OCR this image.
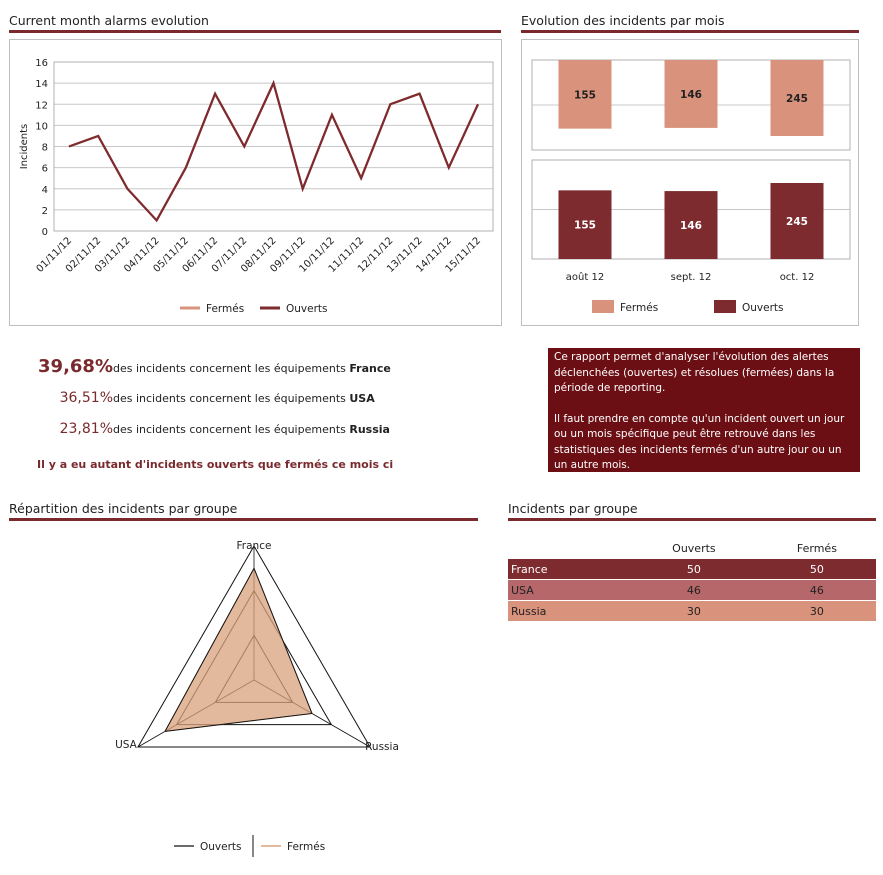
Current month alarms evolution
0
2
4
6
8
10
12
14
16
Incidents
01/11/12
02/11/12
03/11/12
04/11/12
05/11/12
06/11/12
07/11/12
08/11/12
09/11/12
10/11/12
11/11/12
12/11/12
13/11/12
14/11/12
15/11/12
Fermés	Ouverts
Evolution des incidents par mois
155	146	245
155	146	245
août 12	sept. 12	oct. 12
Fermés	Ouverts
39,68%des incidents concernent les équipements France
36,51%des incidents concernent les équipements USA
23,81%des incidents concernent les équipements Russia
Il y a eu autant d'incidents ouverts que fermés ce mois ci

Ce rapport permet d'analyser l'évolution des alertes déclenchées (ouvertes) et résolues (fermées) dans la période de reporting.

Il faut prendre en compte qu'un incident ouvert un jour ou un mois spécifique peut être retrouvé dans les statistiques des incidents fermés d'un autre jour ou un un autre mois.

Répartition des incidents par groupe
France
USA	Russia
Ouverts	Fermés
Incidents par groupe
	Ouverts	Fermés
France	50	50
USA	46	46
Russia	30	30
